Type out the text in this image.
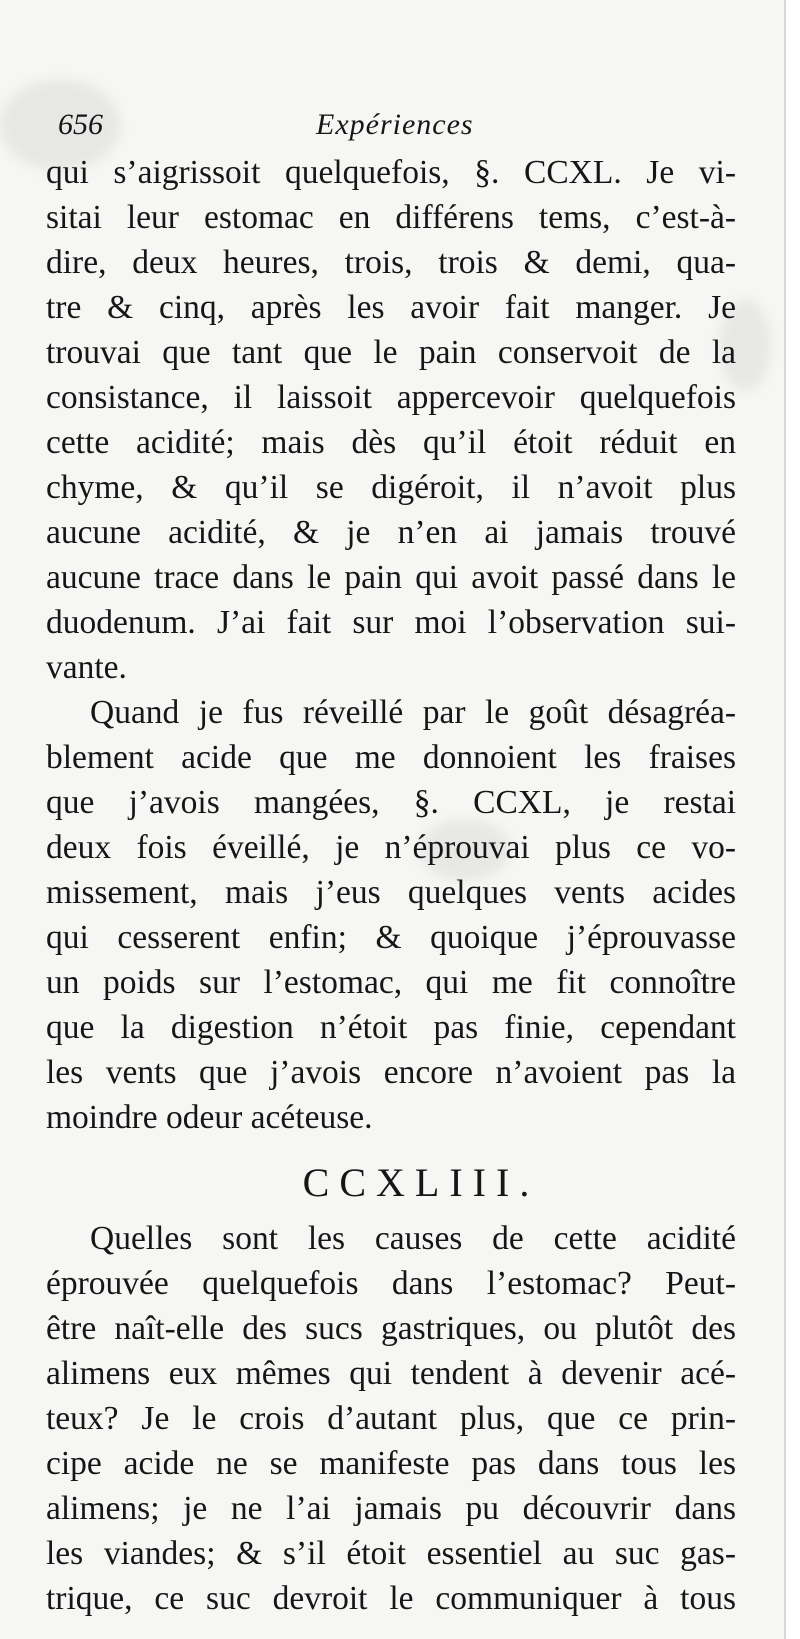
656	Expériences
qui s’aigrissoit quelquefois, §. CCXL. Je vi-
sitai leur estomac en différens tems, c’est-à-
dire, deux heures, trois, trois & demi, qua-
tre & cinq, après les avoir fait manger. Je
trouvai que tant que le pain conservoit de la
consistance, il laissoit appercevoir quelquefois
cette acidité; mais dès qu’il étoit réduit en
chyme, & qu’il se digéroit, il n’avoit plus
aucune acidité, & je n’en ai jamais trouvé
aucune trace dans le pain qui avoit passé dans le
duodenum. J’ai fait sur moi l’observation sui-
vante.
Quand je fus réveillé par le goût désagréa-
blement acide que me donnoient les fraises
que j’avois mangées, §. CCXL, je restai
deux fois éveillé, je n’éprouvai plus ce vo-
missement, mais j’eus quelques vents acides
qui cesserent enfin; & quoique j’éprouvasse
un poids sur l’estomac, qui me fit connoître
que la digestion n’étoit pas finie, cependant
les vents que j’avois encore n’avoient pas la
moindre odeur acéteuse.
CCXLIII.
Quelles sont les causes de cette acidité
éprouvée quelquefois dans l’estomac? Peut-
être naît-elle des sucs gastriques, ou plutôt des
alimens eux mêmes qui tendent à devenir acé-
teux? Je le crois d’autant plus, que ce prin-
cipe acide ne se manifeste pas dans tous les
alimens; je ne l’ai jamais pu découvrir dans
les viandes; & s’il étoit essentiel au suc gas-
trique, ce suc devroit le communiquer à tous
